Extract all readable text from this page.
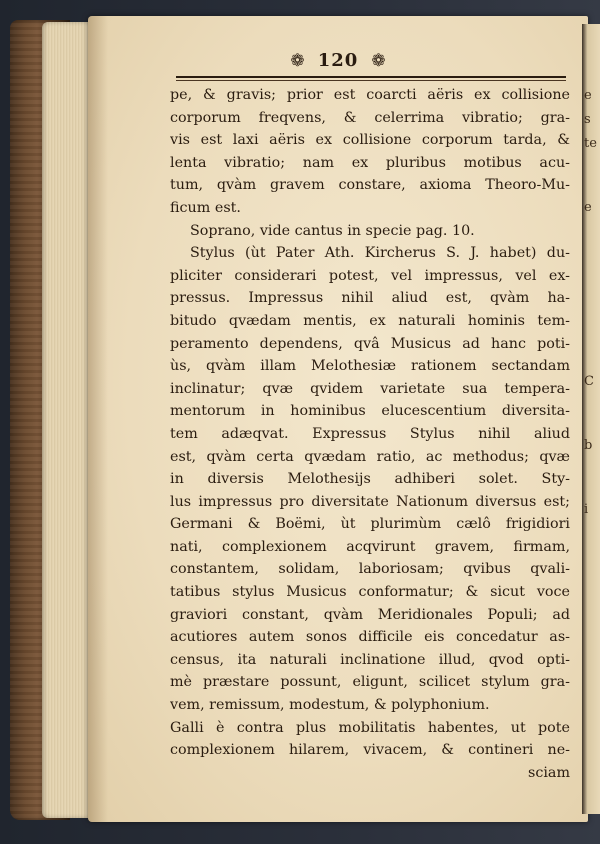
❁ 120 ❁
pe, & gravis; prior est coarcti aëris ex collisione
corporum freqvens, & celerrima vibratio; gra-
vis est laxi aëris ex collisione corporum tarda, &
lenta vibratio; nam ex pluribus motibus acu-
tum, qvàm gravem constare, axioma Theoro-Mu-
ficum est.
Soprano, vide cantus in specie pag. 10.
Stylus (ùt Pater Ath. Kircherus S. J. habet) du-
pliciter considerari potest, vel impressus, vel ex-
pressus. Impressus nihil aliud est, qvàm ha-
bitudo qvædam mentis, ex naturali hominis tem-
peramento dependens, qvâ Musicus ad hanc poti-
ùs, qvàm illam Melothesiæ rationem sectandam
inclinatur; qvæ qvidem varietate sua tempera-
mentorum in hominibus elucescentium diversita-
tem adæqvat. Expressus Stylus nihil aliud
est, qvàm certa qvædam ratio, ac methodus; qvæ
in diversis Melothesijs adhiberi solet. Sty-
lus impressus pro diversitate Nationum diversus est;
Germani & Boëmi, ùt plurimùm cælô frigidiori
nati, complexionem acqvirunt gravem, firmam,
constantem, solidam, laboriosam; qvibus qvali-
tatibus stylus Musicus conformatur; & sicut voce
graviori constant, qvàm Meridionales Populi; ad
acutiores autem sonos difficile eis concedatur as-
census, ita naturali inclinatione illud, qvod opti-
mè præstare possunt, eligunt, scilicet stylum gra-
vem, remissum, modestum, & polyphonium.
Galli è contra plus mobilitatis habentes, ut pote
complexionem hilarem, vivacem, & contineri ne-
sciam
e
s
te
e
C
b
i
